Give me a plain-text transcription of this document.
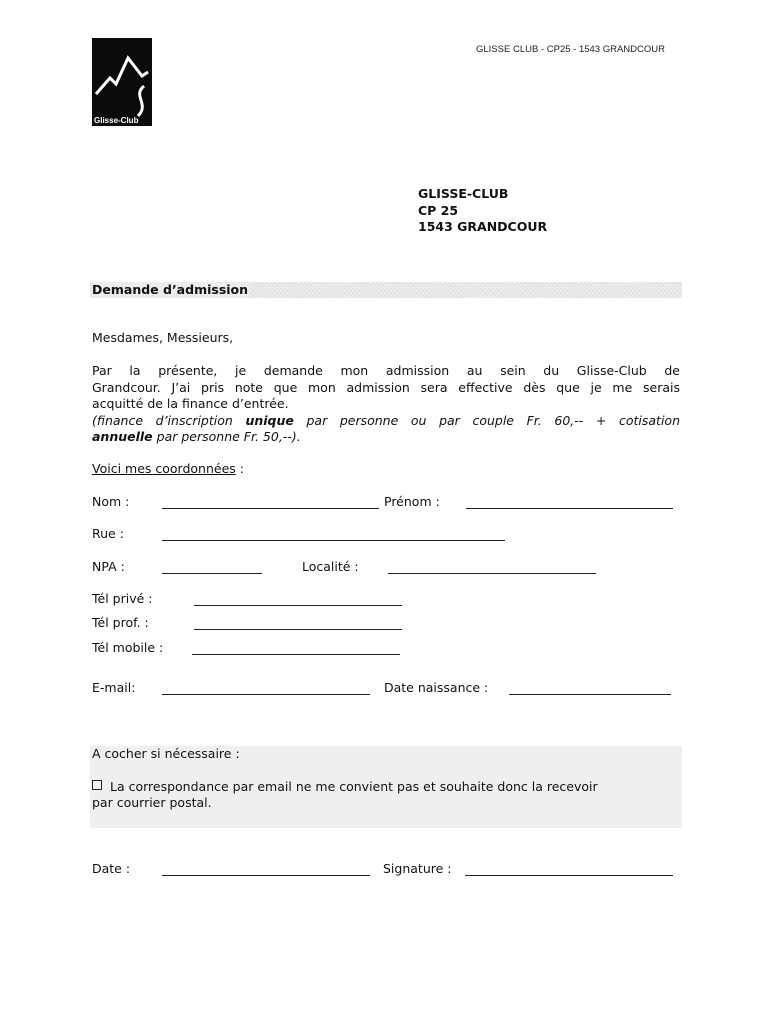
Glisse-Club
GLISSE CLUB - CP25 - 1543 GRANDCOUR
GLISSE-CLUB
CP 25
1543 GRANDCOUR
Demande d’admission
Mesdames, Messieurs,
Par la présente, je demande mon admission au sein du Glisse-Club de
Grandcour. J’ai pris note que mon admission sera effective dès que je me serais
acquitté de la finance d’entrée.
(finance d’inscription unique par personne ou par couple Fr. 60,-- + cotisation
annuelle par personne Fr. 50,--).
Voici mes coordonnées :
Nom :	Prénom :
Rue :
NPA :	Localité :
Tél privé :
Tél prof. :
Tél mobile :
E-mail:	Date naissance :
A cocher si nécessaire :
La correspondance par email ne me convient pas et souhaite donc la recevoir
par courrier postal.
Date :	Signature :
